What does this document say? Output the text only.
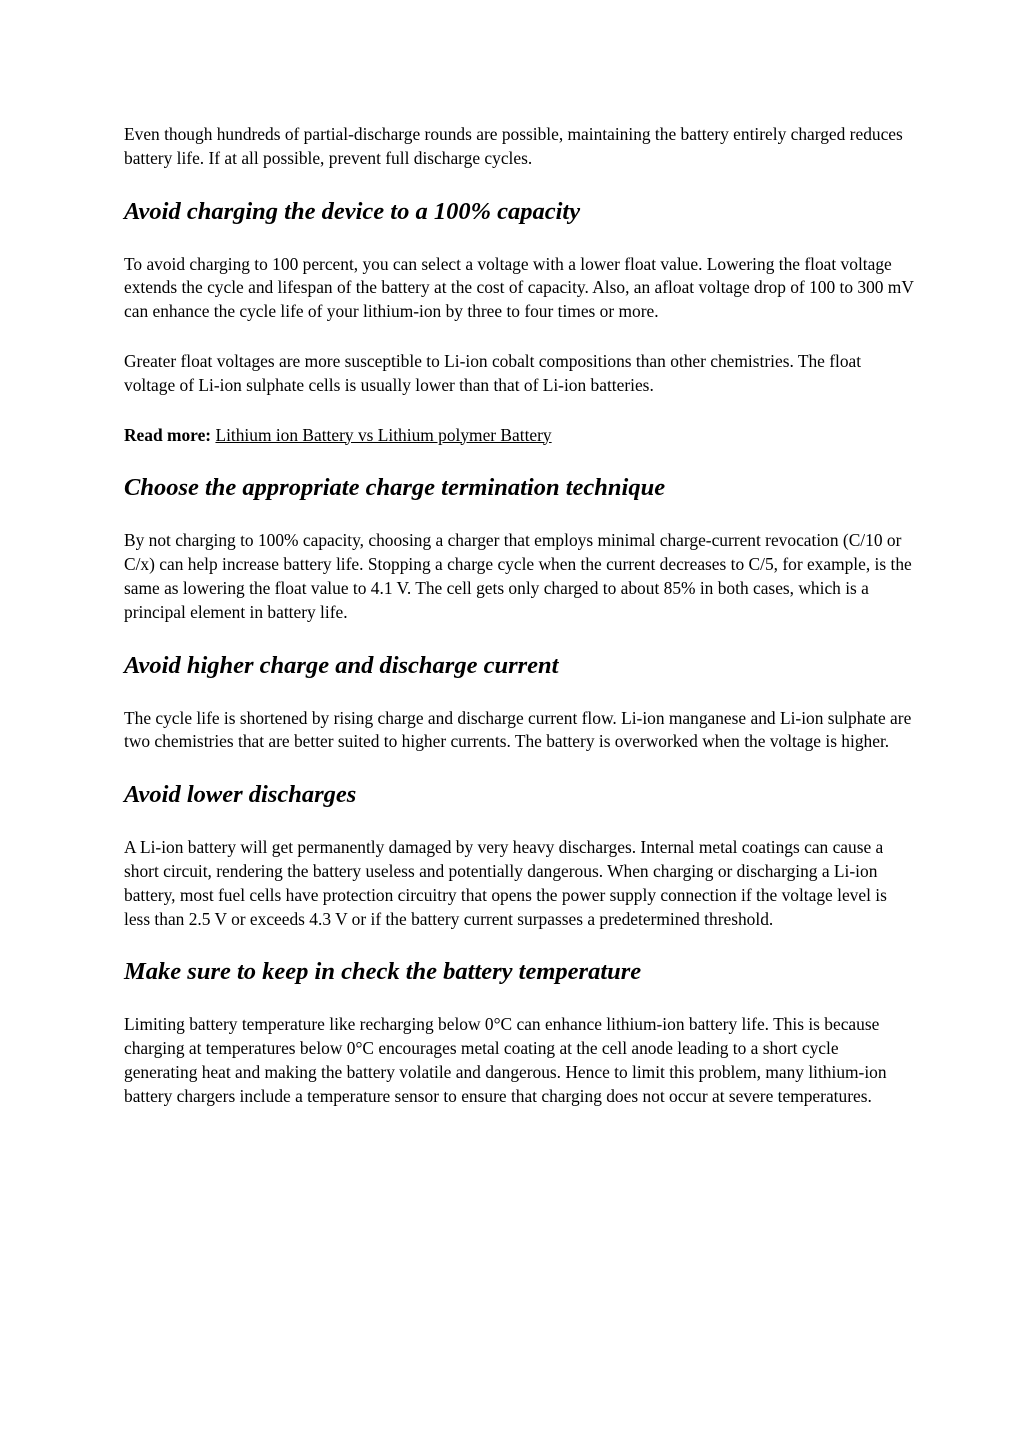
Even though hundreds of partial-discharge rounds are possible, maintaining the battery entirely charged reduces battery life. If at all possible, prevent full discharge cycles.

Avoid charging the device to a 100% capacity

To avoid charging to 100 percent, you can select a voltage with a lower float value. Lowering the float voltage extends the cycle and lifespan of the battery at the cost of capacity. Also, an afloat voltage drop of 100 to 300 mV can enhance the cycle life of your lithium-ion by three to four times or more.

Greater float voltages are more susceptible to Li-ion cobalt compositions than other chemistries. The float voltage of Li-ion sulphate cells is usually lower than that of Li-ion batteries.

Read more: Lithium ion Battery vs Lithium polymer Battery

Choose the appropriate charge termination technique

By not charging to 100% capacity, choosing a charger that employs minimal charge-current revocation (C/10 or C/x) can help increase battery life. Stopping a charge cycle when the current decreases to C/5, for example, is the same as lowering the float value to 4.1 V. The cell gets only charged to about 85% in both cases, which is a principal element in battery life.

Avoid higher charge and discharge current

The cycle life is shortened by rising charge and discharge current flow. Li-ion manganese and Li-ion sulphate are two chemistries that are better suited to higher currents. The battery is overworked when the voltage is higher.

Avoid lower discharges

A Li-ion battery will get permanently damaged by very heavy discharges. Internal metal coatings can cause a short circuit, rendering the battery useless and potentially dangerous. When charging or discharging a Li-ion battery, most fuel cells have protection circuitry that opens the power supply connection if the voltage level is less than 2.5 V or exceeds 4.3 V or if the battery current surpasses a predetermined threshold.

Make sure to keep in check the battery temperature

Limiting battery temperature like recharging below 0°C can enhance lithium-ion battery life. This is because charging at temperatures below 0°C encourages metal coating at the cell anode leading to a short cycle generating heat and making the battery volatile and dangerous. Hence to limit this problem, many lithium-ion battery chargers include a temperature sensor to ensure that charging does not occur at severe temperatures.
